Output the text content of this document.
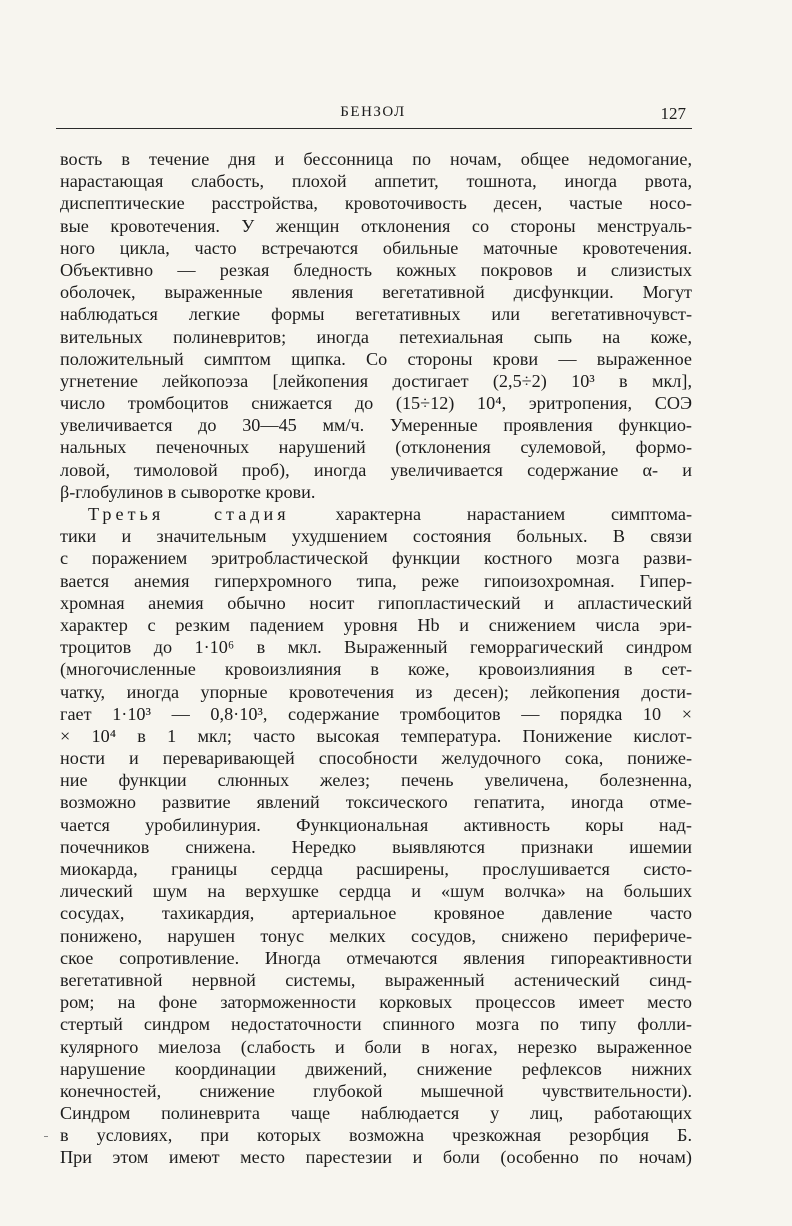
БЕНЗОЛ	127
вость в течение дня и бессонница по ночам, общее недомогание,
нарастающая слабость, плохой аппетит, тошнота, иногда рвота,
диспептические расстройства, кровоточивость десен, частые носо-
вые кровотечения. У женщин отклонения со стороны менструаль-
ного цикла, часто встречаются обильные маточные кровотечения.
Объективно — резкая бледность кожных покровов и слизистых
оболочек, выраженные явления вегетативной дисфункции. Могут
наблюдаться легкие формы вегетативных или вегетативночувст-
вительных полиневритов; иногда петехиальная сыпь на коже,
положительный симптом щипка. Со стороны крови — выраженное
угнетение лейкопоэза [лейкопения достигает (2,5÷2) 10³ в мкл],
число тромбоцитов снижается до (15÷12) 10⁴, эритропения, СОЭ
увеличивается до 30—45 мм/ч. Умеренные проявления функцио-
нальных печеночных нарушений (отклонения сулемовой, формо-
ловой, тимоловой проб), иногда увеличивается содержание α- и
β-глобулинов в сыворотке крови.
Третья стадия характерна нарастанием симптома-
тики и значительным ухудшением состояния больных. В связи
с поражением эритробластической функции костного мозга разви-
вается анемия гиперхромного типа, реже гипоизохромная. Гипер-
хромная анемия обычно носит гипопластический и апластический
характер с резким падением уровня Hb и снижением числа эри-
троцитов до 1·10⁶ в мкл. Выраженный геморрагический синдром
(многочисленные кровоизлияния в коже, кровоизлияния в сет-
чатку, иногда упорные кровотечения из десен); лейкопения дости-
гает 1·10³ — 0,8·10³, содержание тромбоцитов — порядка 10 ×
× 10⁴ в 1 мкл; часто высокая температура. Понижение кислот-
ности и переваривающей способности желудочного сока, пониже-
ние функции слюнных желез; печень увеличена, болезненна,
возможно развитие явлений токсического гепатита, иногда отме-
чается уробилинурия. Функциональная активность коры над-
почечников снижена. Нередко выявляются признаки ишемии
миокарда, границы сердца расширены, прослушивается систо-
лический шум на верхушке сердца и «шум волчка» на больших
сосудах, тахикардия, артериальное кровяное давление часто
понижено, нарушен тонус мелких сосудов, снижено перифериче-
ское сопротивление. Иногда отмечаются явления гипореактивности
вегетативной нервной системы, выраженный астенический синд-
ром; на фоне заторможенности корковых процессов имеет место
стертый синдром недостаточности спинного мозга по типу фолли-
кулярного миелоза (слабость и боли в ногах, нерезко выраженное
нарушение координации движений, снижение рефлексов нижних
конечностей, снижение глубокой мышечной чувствительности).
Синдром полиневрита чаще наблюдается у лиц, работающих
в условиях, при которых возможна чрезкожная резорбция Б.
При этом имеют место парестезии и боли (особенно по ночам)
